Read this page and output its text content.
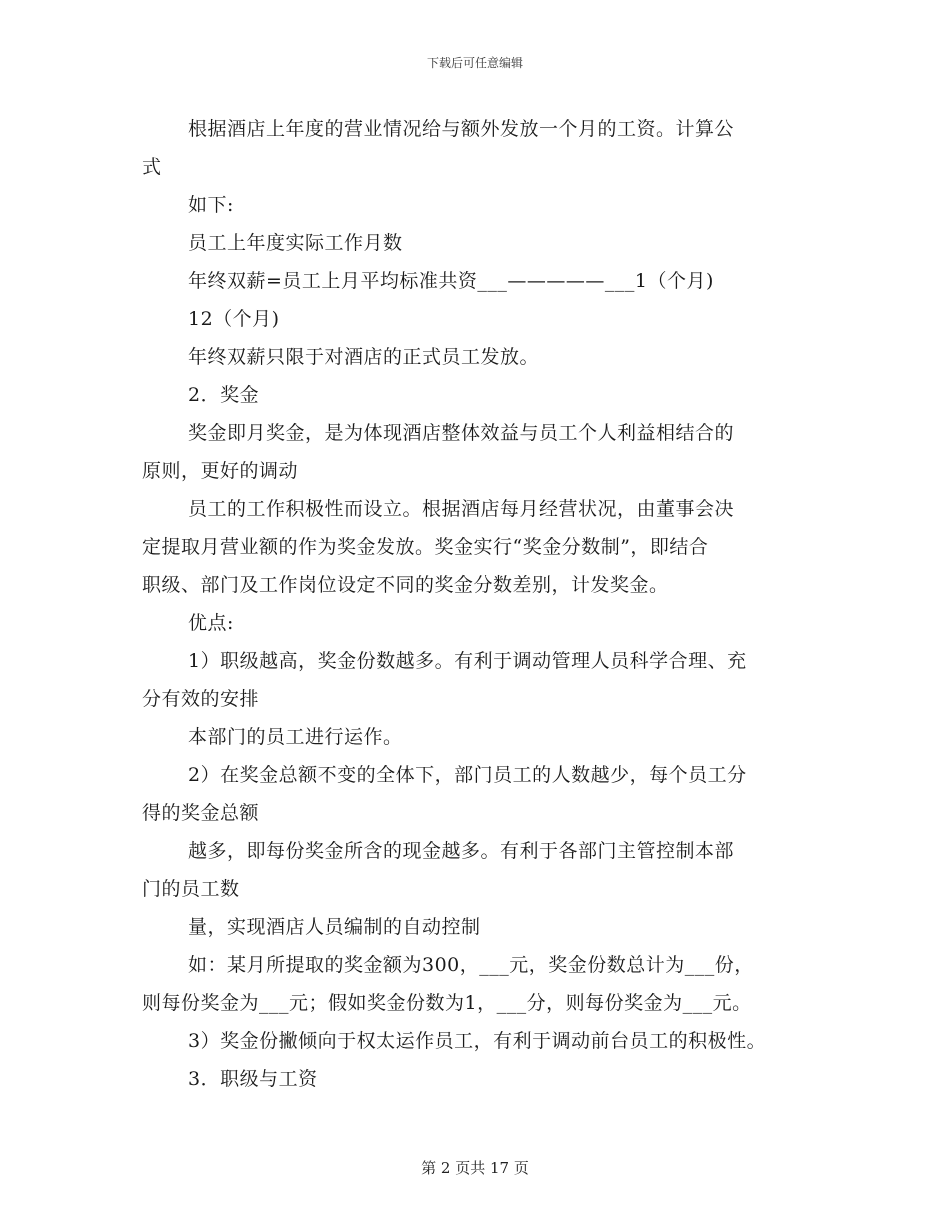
下载后可任意编辑
根据酒店上年度的营业情况给与额外发放一个月的工资。计算公
式
如下:
员工上年度实际工作月数
年终双薪=员工上月平均标准共资___—————___1（个月)
12（个月)
年终双薪只限于对酒店的正式员工发放。
2．奖金
奖金即月奖金，是为体现酒店整体效益与员工个人利益相结合的
原则，更好的调动
员工的工作积极性而设立。根据酒店每月经营状况，由董事会决
定提取月营业额的作为奖金发放。奖金实行“奖金分数制”，即结合
职级、部门及工作岗位设定不同的奖金分数差别，计发奖金。
优点:
1）职级越高，奖金份数越多。有利于调动管理人员科学合理、充
分有效的安排
本部门的员工进行运作。
2）在奖金总额不变的全体下，部门员工的人数越少，每个员工分
得的奖金总额
越多，即每份奖金所含的现金越多。有利于各部门主管控制本部
门的员工数
量，实现酒店人员编制的自动控制
如：某月所提取的奖金额为300，___元，奖金份数总计为___份，
则每份奖金为___元；假如奖金份数为1，___分，则每份奖金为___元。
3）奖金份撇倾向于权太运作员工，有利于调动前台员工的积极性。
3．职级与工资
第 2 页共 17 页
